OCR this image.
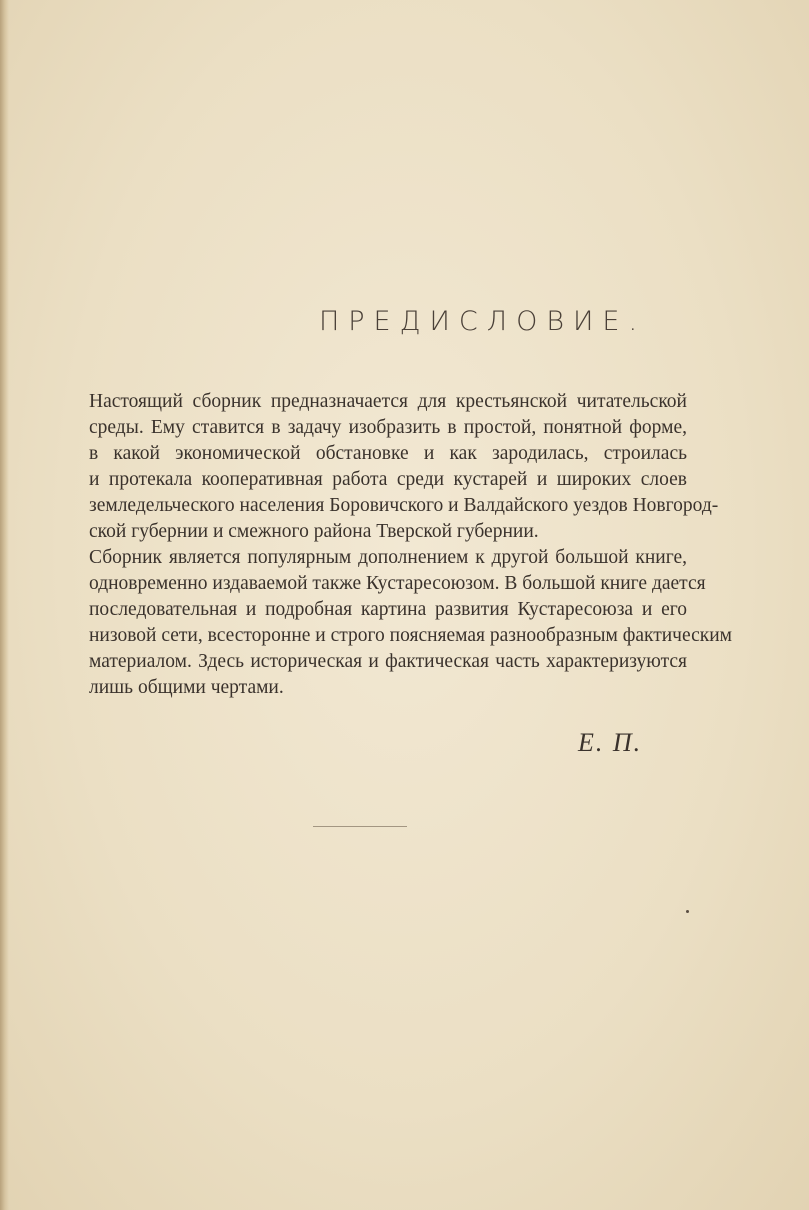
ПРЕДИСЛОВИЕ.

Настоящий сборник предназначается для крестьянской читательской
среды. Ему ставится в задачу изобразить в простой, понятной форме,
в какой экономической обстановке и как зародилась, строилась
и протекала кооперативная работа среди кустарей и широких слоев
земледельческого населения Боровичского и Валдайского уездов Новгород-
ской губернии и смежного района Тверской губернии.

Сборник является популярным дополнением к другой большой книге,
одновременно издаваемой также Кустаресоюзом. В большой книге дается
последовательная и подробная картина развития Кустаресоюза и его
низовой сети, всесторонне и строго поясняемая разнообразным фактическим
материалом. Здесь историческая и фактическая часть характеризуются
лишь общими чертами.

Е. П.
